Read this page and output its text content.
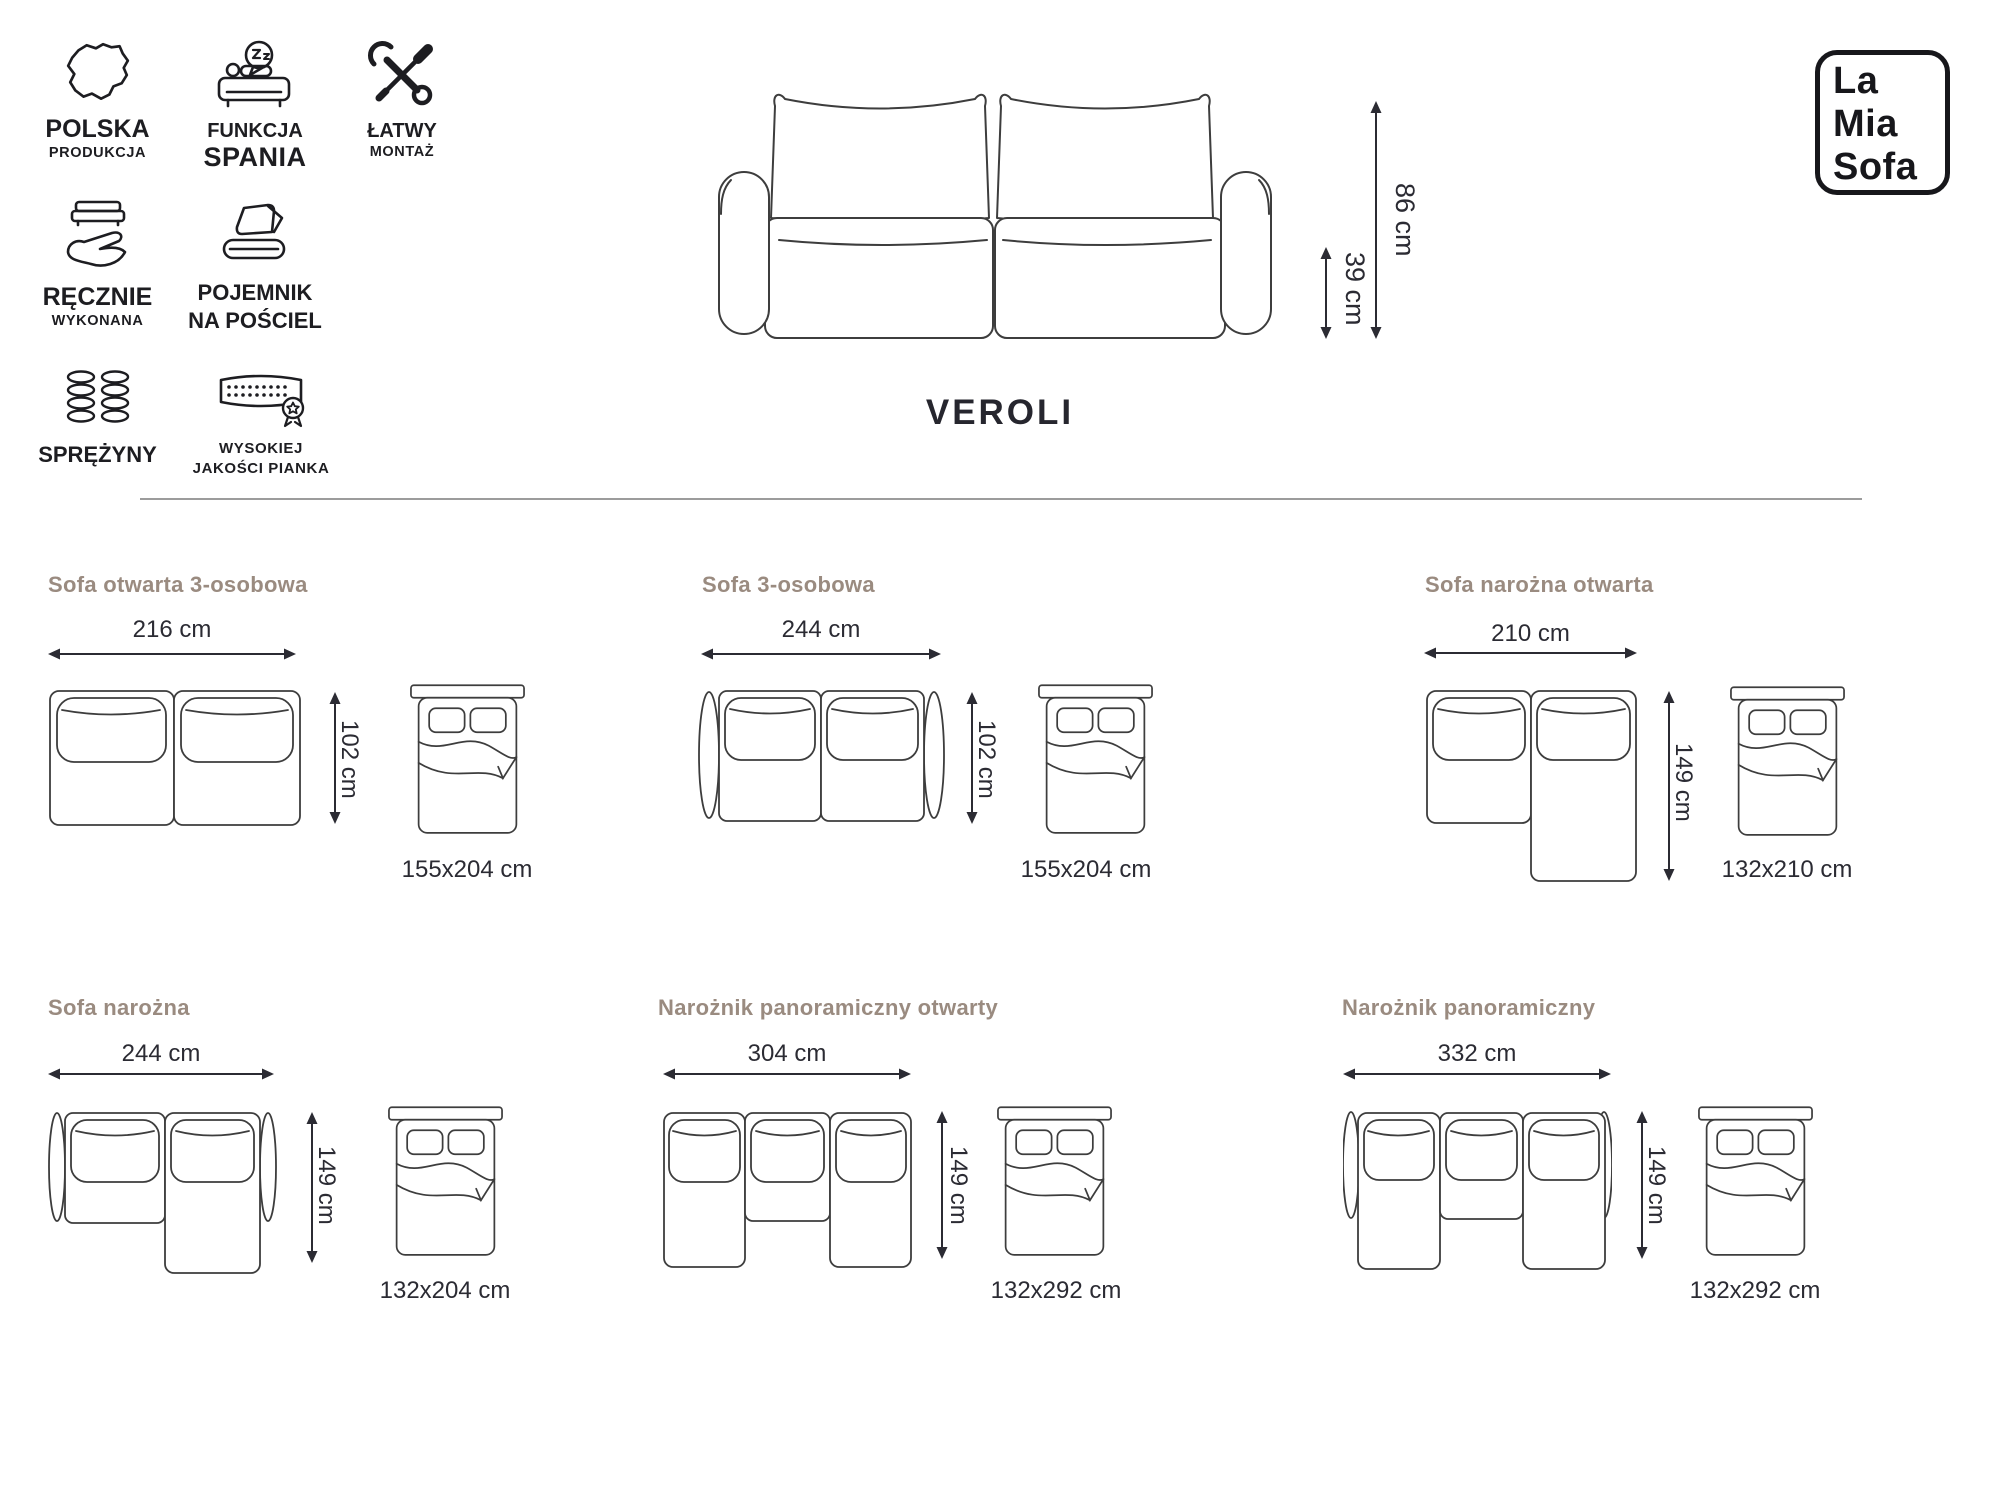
POLSKA
PRODUKCJA
FUNKCJA
SPANIA
ŁATWY
MONTAŻ
RĘCZNIE
WYKONANA
POJEMNIK
NA POŚCIEL
SPRĘŻYNY	WYSOKIEJ
JAKOŚCI PIANKA
La
Mia
Sofa
86 cm
39 cm
VEROLI
Sofa otwarta 3-osobowa
216 cm
102 cm
155x204 cm
Sofa 3-osobowa
244 cm
102 cm
155x204 cm
Sofa narożna otwarta
210 cm
149 cm
132x210 cm
Sofa narożna
244 cm
149 cm
132x204 cm
Narożnik panoramiczny otwarty
304 cm
149 cm
132x292 cm
Narożnik panoramiczny
332 cm
149 cm
132x292 cm
